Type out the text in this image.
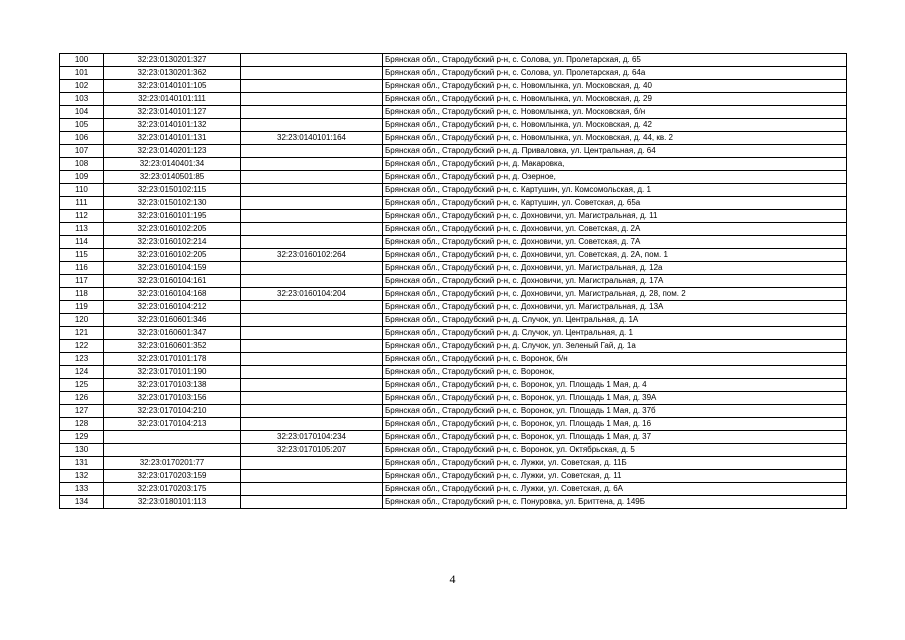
100	32:23:0130201:327		Брянская обл., Стародубский р-н, с. Солова, ул. Пролетарская, д. 65
101	32:23:0130201:362		Брянская обл., Стародубский р-н, с. Солова, ул. Пролетарская, д. 64а
102	32:23:0140101:105		Брянская обл., Стародубский р-н, с. Новомлынка, ул. Московская, д. 40
103	32:23:0140101:111		Брянская обл., Стародубский р-н, с. Новомлынка, ул. Московская, д. 29
104	32:23:0140101:127		Брянская обл., Стародубский р-н, с. Новомлынка, ул. Московская, б/н
105	32:23:0140101:132		Брянская обл., Стародубский р-н, с. Новомлынка, ул. Московская, д. 42
106	32:23:0140101:131	32:23:0140101:164	Брянская обл., Стародубский р-н, с. Новомлынка, ул. Московская, д. 44, кв. 2
107	32:23:0140201:123		Брянская обл., Стародубский р-н, д. Приваловка, ул. Центральная, д. 64
108	32:23:0140401:34		Брянская обл., Стародубский р-н, д. Макаровка,
109	32:23:0140501:85		Брянская обл., Стародубский р-н, д. Озерное,
110	32:23:0150102:115		Брянская обл., Стародубский р-н, с. Картушин, ул. Комсомольская, д. 1
111	32:23:0150102:130		Брянская обл., Стародубский р-н, с. Картушин, ул. Советская, д. 65а
112	32:23:0160101:195		Брянская обл., Стародубский р-н, с. Дохновичи, ул. Магистральная, д. 11
113	32:23:0160102:205		Брянская обл., Стародубский р-н, с. Дохновичи, ул. Советская, д. 2А
114	32:23:0160102:214		Брянская обл., Стародубский р-н, с. Дохновичи, ул. Советская, д. 7А
115	32:23:0160102:205	32:23:0160102:264	Брянская обл., Стародубский р-н, с. Дохновичи, ул. Советская, д. 2А, пом. 1
116	32:23:0160104:159		Брянская обл., Стародубский р-н, с. Дохновичи, ул. Магистральная, д. 12а
117	32:23:0160104:161		Брянская обл., Стародубский р-н, с. Дохновичи, ул. Магистральная, д. 17А
118	32:23:0160104:168	32:23:0160104:204	Брянская обл., Стародубский р-н, с. Дохновичи, ул. Магистральная, д. 28, пом. 2
119	32:23:0160104:212		Брянская обл., Стародубский р-н, с. Дохновичи, ул. Магистральная, д. 13А
120	32:23:0160601:346		Брянская обл., Стародубский р-н, д. Случок, ул. Центральная, д. 1А
121	32:23:0160601:347		Брянская обл., Стародубский р-н, д. Случок, ул. Центральная, д. 1
122	32:23:0160601:352		Брянская обл., Стародубский р-н, д. Случок, ул. Зеленый Гай, д. 1а
123	32:23:0170101:178		Брянская обл., Стародубский р-н, с. Воронок, б/н
124	32:23:0170101:190		Брянская обл., Стародубский р-н, с. Воронок,
125	32:23:0170103:138		Брянская обл., Стародубский р-н, с. Воронок, ул. Площадь 1 Мая, д. 4
126	32:23:0170103:156		Брянская обл., Стародубский р-н, с. Воронок, ул. Площадь 1 Мая, д. 39А
127	32:23:0170104:210		Брянская обл., Стародубский р-н, с. Воронок, ул. Площадь 1 Мая, д. 37б
128	32:23:0170104:213		Брянская обл., Стародубский р-н, с. Воронок, ул. Площадь 1 Мая, д. 16
129		32:23:0170104:234	Брянская обл., Стародубский р-н, с. Воронок, ул. Площадь 1 Мая, д. 37
130		32:23:0170105:207	Брянская обл., Стародубский р-н, с. Воронок, ул. Октябрьская, д. 5
131	32:23:0170201:77		Брянская обл., Стародубский р-н, с. Лужки, ул. Советская, д. 11Б
132	32:23:0170203:159		Брянская обл., Стародубский р-н, с. Лужки, ул. Советская, д. 11
133	32:23:0170203:175		Брянская обл., Стародубский р-н, с. Лужки, ул. Советская, д. 6А
134	32:23:0180101:113		Брянская обл., Стародубский р-н, с. Понуровка, ул. Бриттена, д. 149Б
4
